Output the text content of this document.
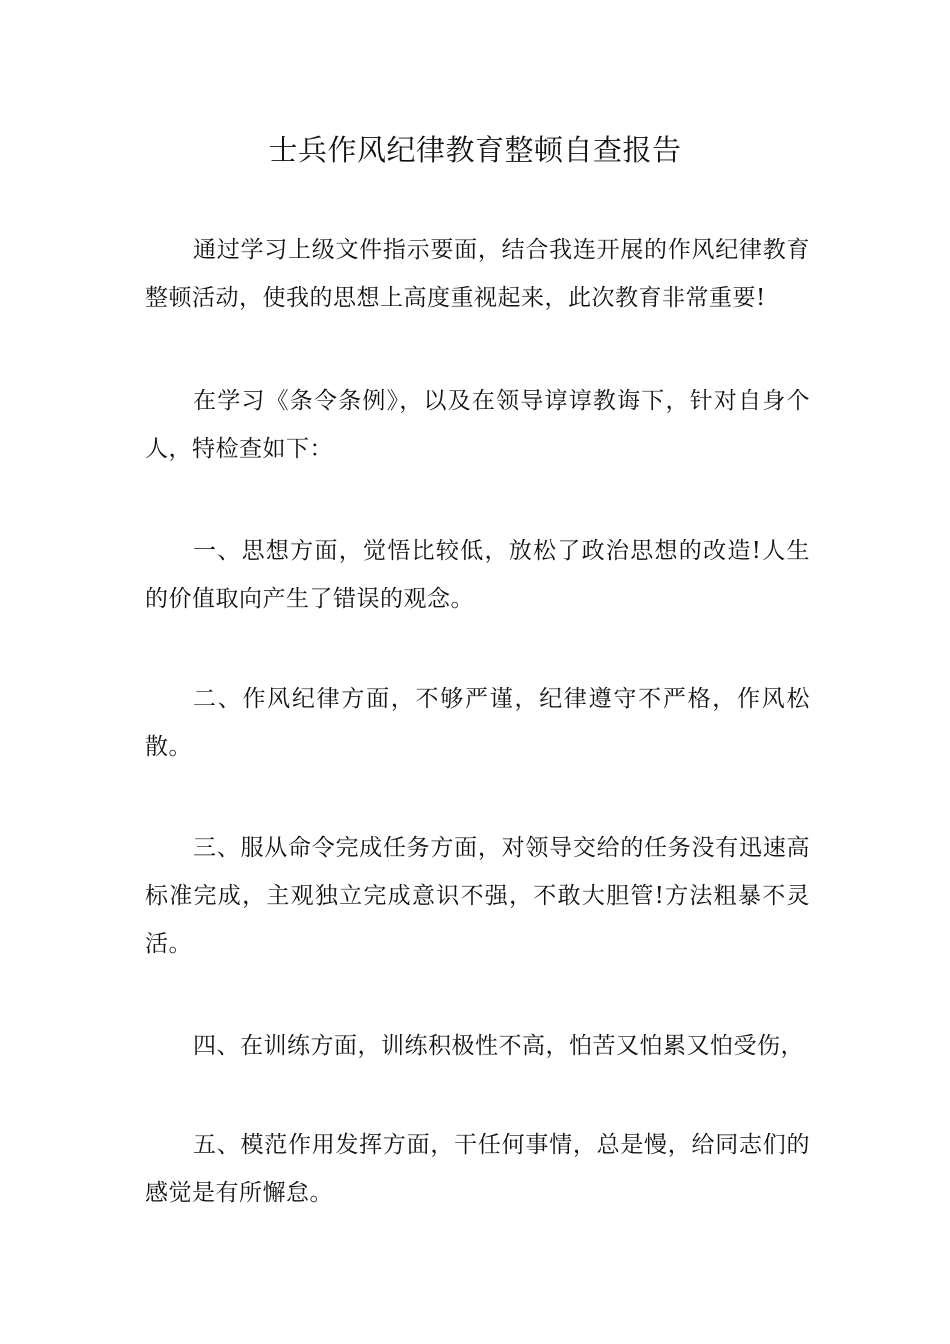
士兵作风纪律教育整顿自查报告

通过学习上级文件指示要面，结合我连开展的作风纪律教育整顿活动，使我的思想上高度重视起来，此次教育非常重要!

在学习《条令条例》，以及在领导谆谆教诲下，针对自身个人，特检查如下：

一、思想方面，觉悟比较低，放松了政治思想的改造!人生的价值取向产生了错误的观念。

二、作风纪律方面，不够严谨，纪律遵守不严格，作风松散。

三、服从命令完成任务方面，对领导交给的任务没有迅速高标准完成，主观独立完成意识不强，不敢大胆管!方法粗暴不灵活。

四、在训练方面，训练积极性不高，怕苦又怕累又怕受伤，

五、模范作用发挥方面，干任何事情，总是慢，给同志们的感觉是有所懈怠。
